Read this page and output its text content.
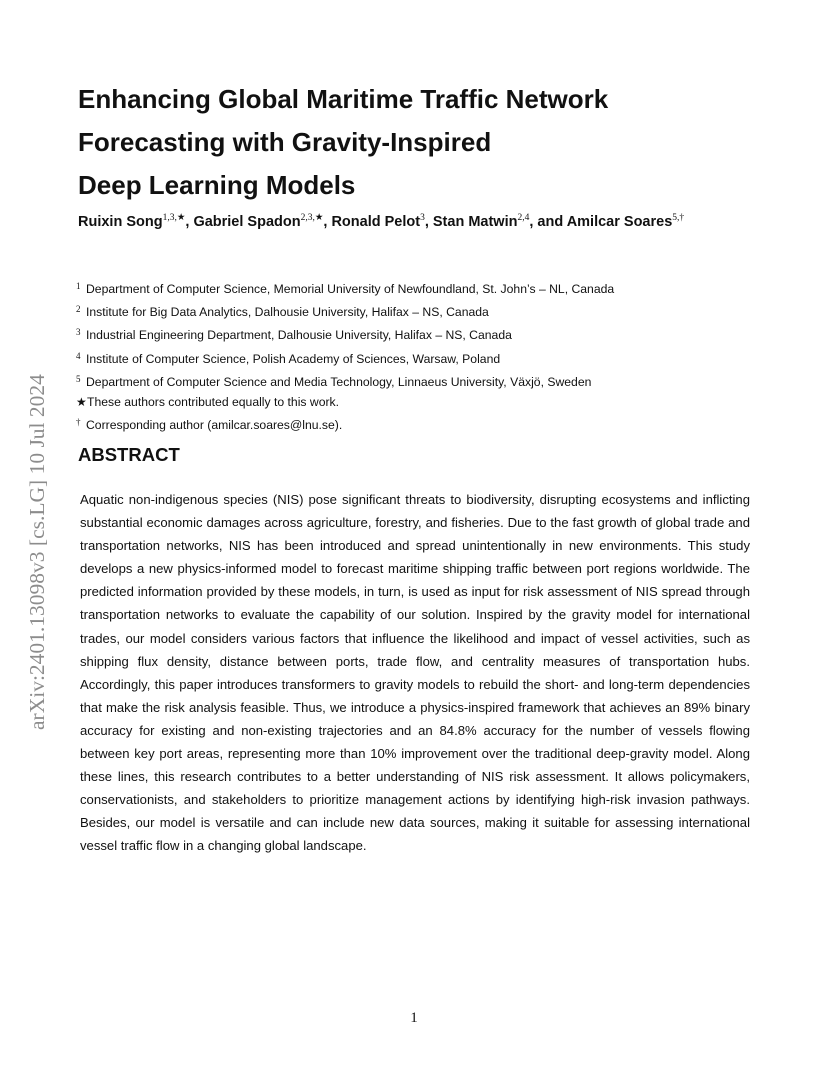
arXiv:2401.13098v3 [cs.LG] 10 Jul 2024
Enhancing Global Maritime Traffic Network
Forecasting with Gravity-Inspired
Deep Learning Models
Ruixin Song$^{1,3,★}$, Gabriel Spadon$^{2,3,★}$, Ronald Pelot$^3$, Stan Matwin$^{2,4}$, and Amilcar Soares$^{5,\dagger}$
1 Department of Computer Science, Memorial University of Newfoundland, St. John’s – NL, Canada
2 Institute for Big Data Analytics, Dalhousie University, Halifax – NS, Canada
3 Industrial Engineering Department, Dalhousie University, Halifax – NS, Canada
4 Institute of Computer Science, Polish Academy of Sciences, Warsaw, Poland
5 Department of Computer Science and Media Technology, Linnaeus University, Växjö, Sweden
★These authors contributed equally to this work.
† Corresponding author (amilcar.soares@lnu.se).
ABSTRACT

Aquatic non-indigenous species (NIS) pose significant threats to biodiversity, disrupting ecosystems and inflicting substantial economic damages across agriculture, forestry, and fisheries. Due to the fast growth of global trade and transportation networks, NIS has been introduced and spread unintentionally in new environments. This study develops a new physics-informed model to forecast maritime shipping traffic between port regions worldwide. The predicted information provided by these models, in turn, is used as input for risk assessment of NIS spread through transportation networks to evaluate the capability of our solution. Inspired by the gravity model for international trades, our model considers various factors that influence the likelihood and impact of vessel activities, such as shipping flux density, distance between ports, trade flow, and centrality measures of transportation hubs. Accordingly, this paper introduces transformers to gravity models to rebuild the short- and long-term dependencies that make the risk analysis feasible. Thus, we introduce a physics-inspired framework that achieves an 89% binary accuracy for existing and non-existing trajectories and an 84.8% accuracy for the number of vessels flowing between key port areas, representing more than 10% improvement over the traditional deep-gravity model. Along these lines, this research contributes to a better understanding of NIS risk assessment. It allows policymakers, conservationists, and stakeholders to prioritize management actions by identifying high-risk invasion pathways. Besides, our model is versatile and can include new data sources, making it suitable for assessing international vessel traffic flow in a changing global landscape.

1
